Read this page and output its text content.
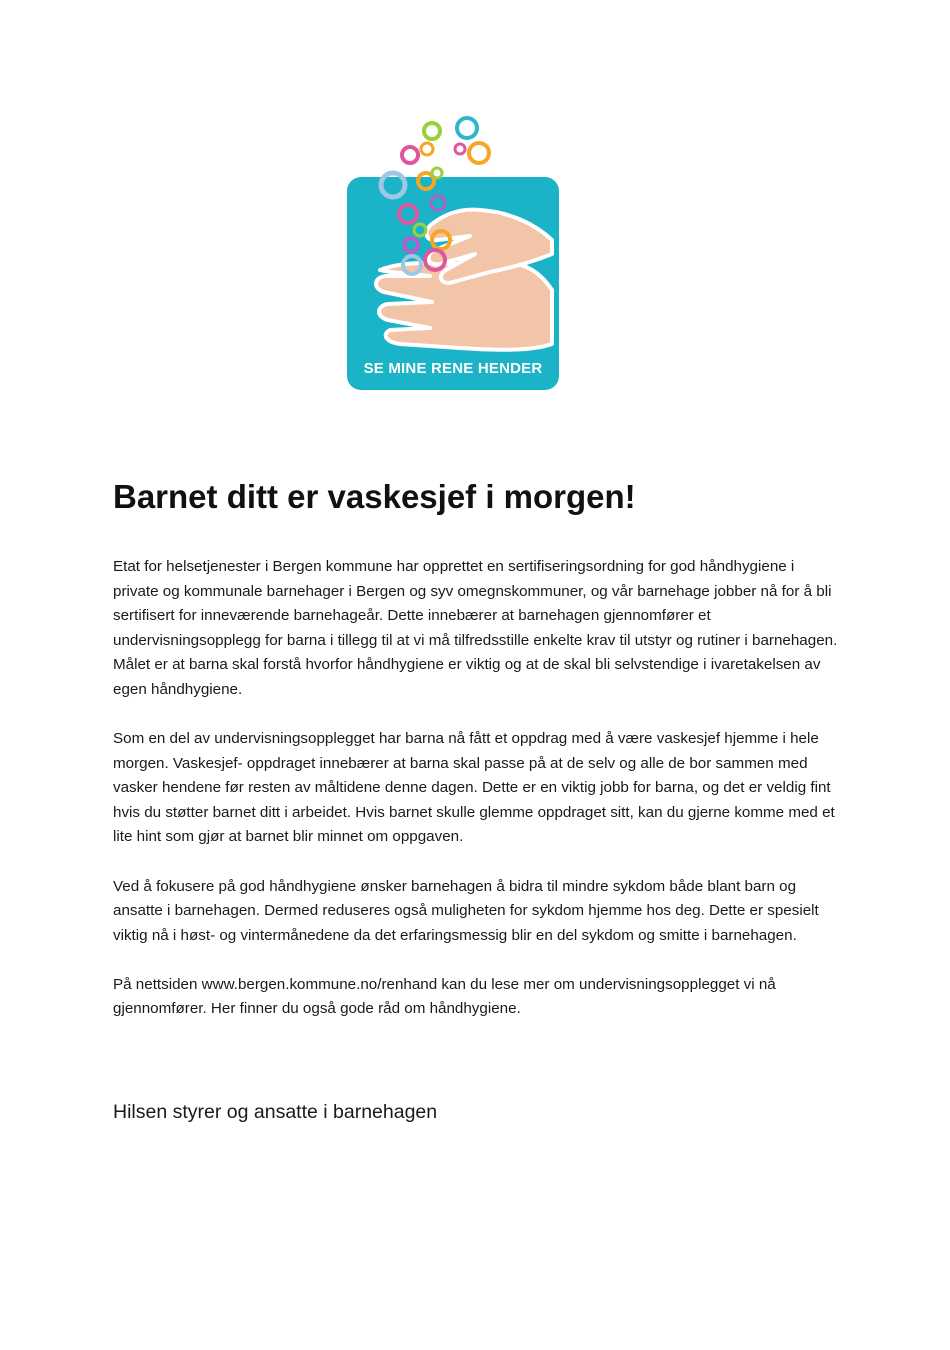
SE MINE RENE HENDER
Barnet ditt er vaskesjef i morgen!

Etat for helsetjenester i Bergen kommune har opprettet en sertifiseringsordning for god håndhygiene i private og kommunale barnehager i Bergen og syv omegnskommuner, og vår barnehage jobber nå for å bli sertifisert for inneværende barnehageår. Dette innebærer at barnehagen gjennomfører et undervisningsopplegg for barna i tillegg til at vi må tilfredsstille enkelte krav til utstyr og rutiner i barnehagen. Målet er at barna skal forstå hvorfor håndhygiene er viktig og at de skal bli selvstendige i ivaretakelsen av egen håndhygiene.

Som en del av undervisningsopplegget har barna nå fått et oppdrag med å være vaskesjef hjemme i hele morgen. Vaskesjef- oppdraget innebærer at barna skal passe på at de selv og alle de bor sammen med vasker hendene før resten av måltidene denne dagen. Dette er en viktig jobb for barna, og det er veldig fint hvis du støtter barnet ditt i arbeidet. Hvis barnet skulle glemme oppdraget sitt, kan du gjerne komme med et lite hint som gjør at barnet blir minnet om oppgaven.

Ved å fokusere på god håndhygiene ønsker barnehagen å bidra til mindre sykdom både blant barn og ansatte i barnehagen. Dermed reduseres også muligheten for sykdom hjemme hos deg. Dette er spesielt viktig nå i høst- og vintermånedene da det erfaringsmessig blir en del sykdom og smitte i barnehagen.

På nettsiden www.bergen.kommune.no/renhand kan du lese mer om undervisningsopplegget vi nå gjennomfører. Her finner du også gode råd om håndhygiene.

Hilsen styrer og ansatte i barnehagen
